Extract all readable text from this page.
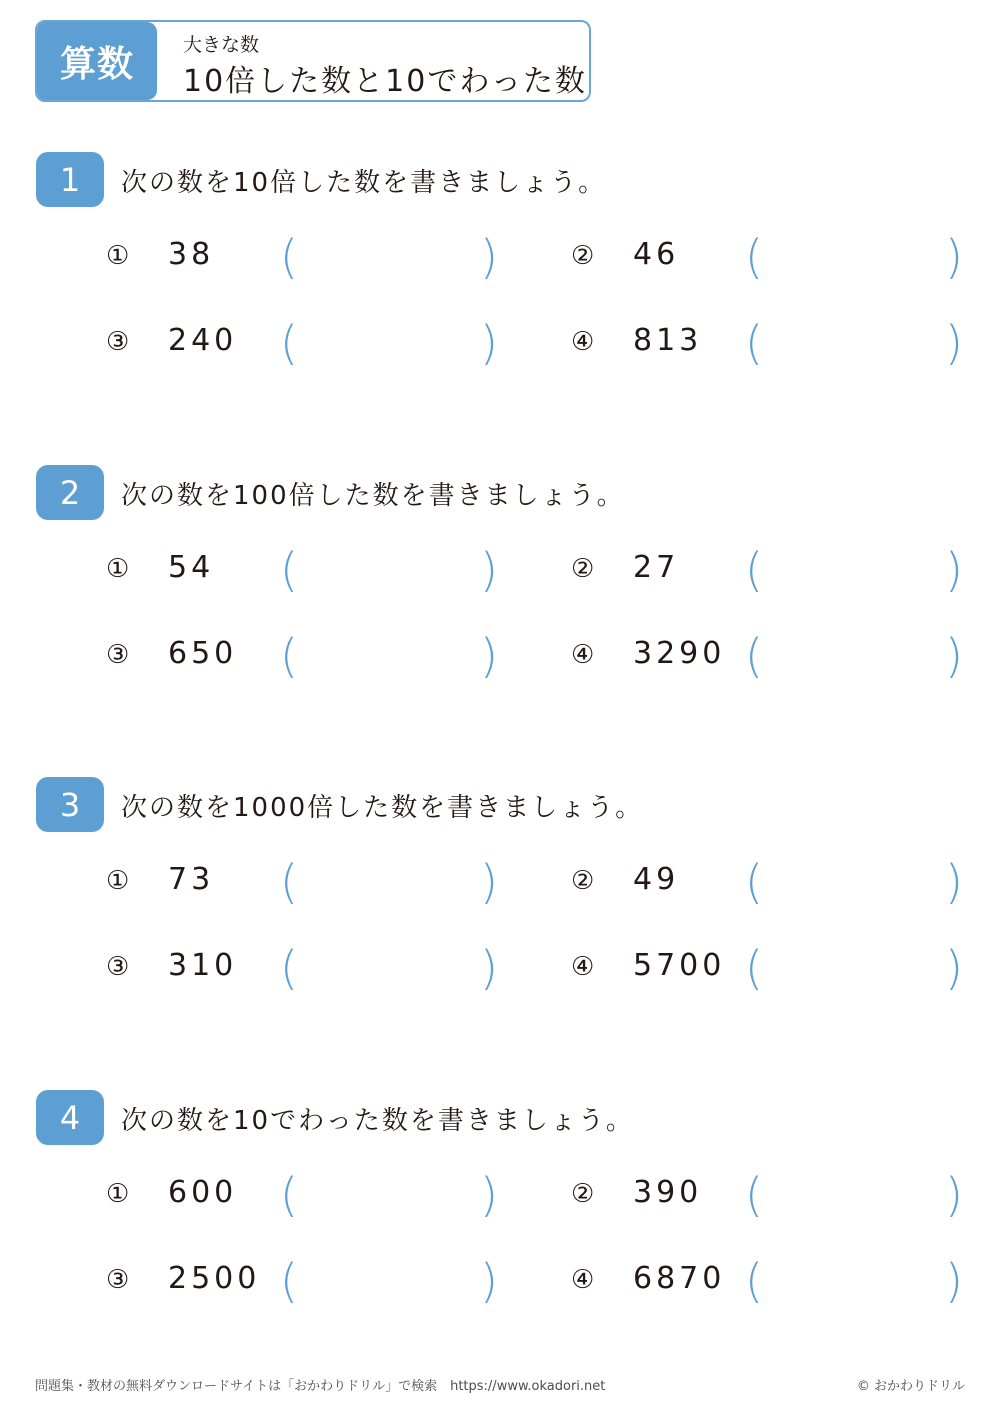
算数	大きな数
10倍した数と10でわった数
1	次の数を10倍した数を書きましょう。
① 38 (	)	② 46 (	)
③ 240 (	)	④ 813 (	)
2	次の数を100倍した数を書きましょう。
① 54 (	)	② 27 (	)
③ 650 (	)	④ 3290 (	)
3	次の数を1000倍した数を書きましょう。
① 73 (	)	② 49 (	)
③ 310 (	)	④ 5700 (	)
4	次の数を10でわった数を書きましょう。
① 600 (	)	② 390 (	)
③ 2500 (	)	④ 6870 (	)
問題集・教材の無料ダウンロードサイトは「おかわりドリル」で検索　https://www.okadori.net	© おかわりドリル
